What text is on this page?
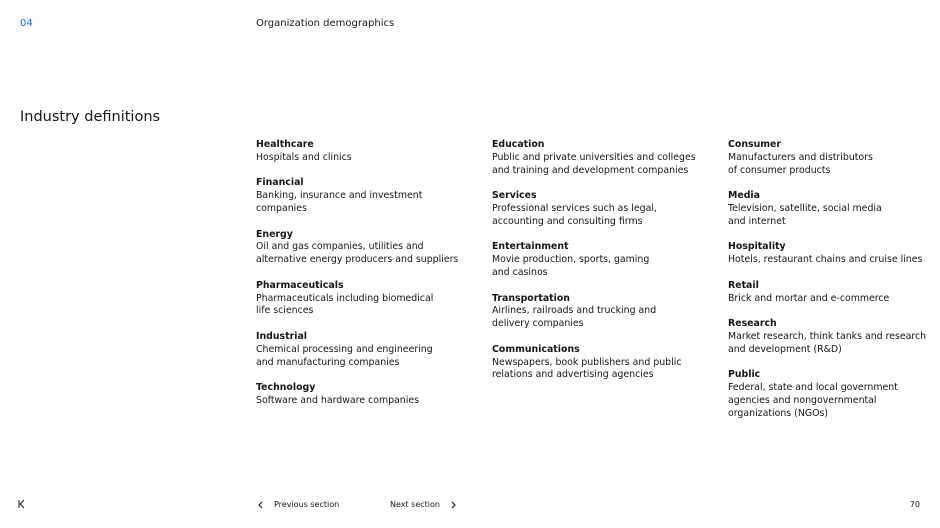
04	Organization demographics
Industry definitions
Healthcare
Hospitals and clinics
Financial
Banking, insurance and investment
companies
Energy
Oil and gas companies, utilities and
alternative energy producers and suppliers
Pharmaceuticals
Pharmaceuticals including biomedical
life sciences
Industrial
Chemical processing and engineering
and manufacturing companies
Technology
Software and hardware companies
Education
Public and private universities and colleges
and training and development companies
Services
Professional services such as legal,
accounting and consulting firms
Entertainment
Movie production, sports, gaming
and casinos
Transportation
Airlines, railroads and trucking and
delivery companies
Communications
Newspapers, book publishers and public
relations and advertising agencies
Consumer
Manufacturers and distributors
of consumer products
Media
Television, satellite, social media
and internet
Hospitality
Hotels, restaurant chains and cruise lines
Retail
Brick and mortar and e-commerce
Research
Market research, think tanks and research
and development (R&D)
Public
Federal, state and local government
agencies and nongovernmental
organizations (NGOs)
Previous section	Next section	70
